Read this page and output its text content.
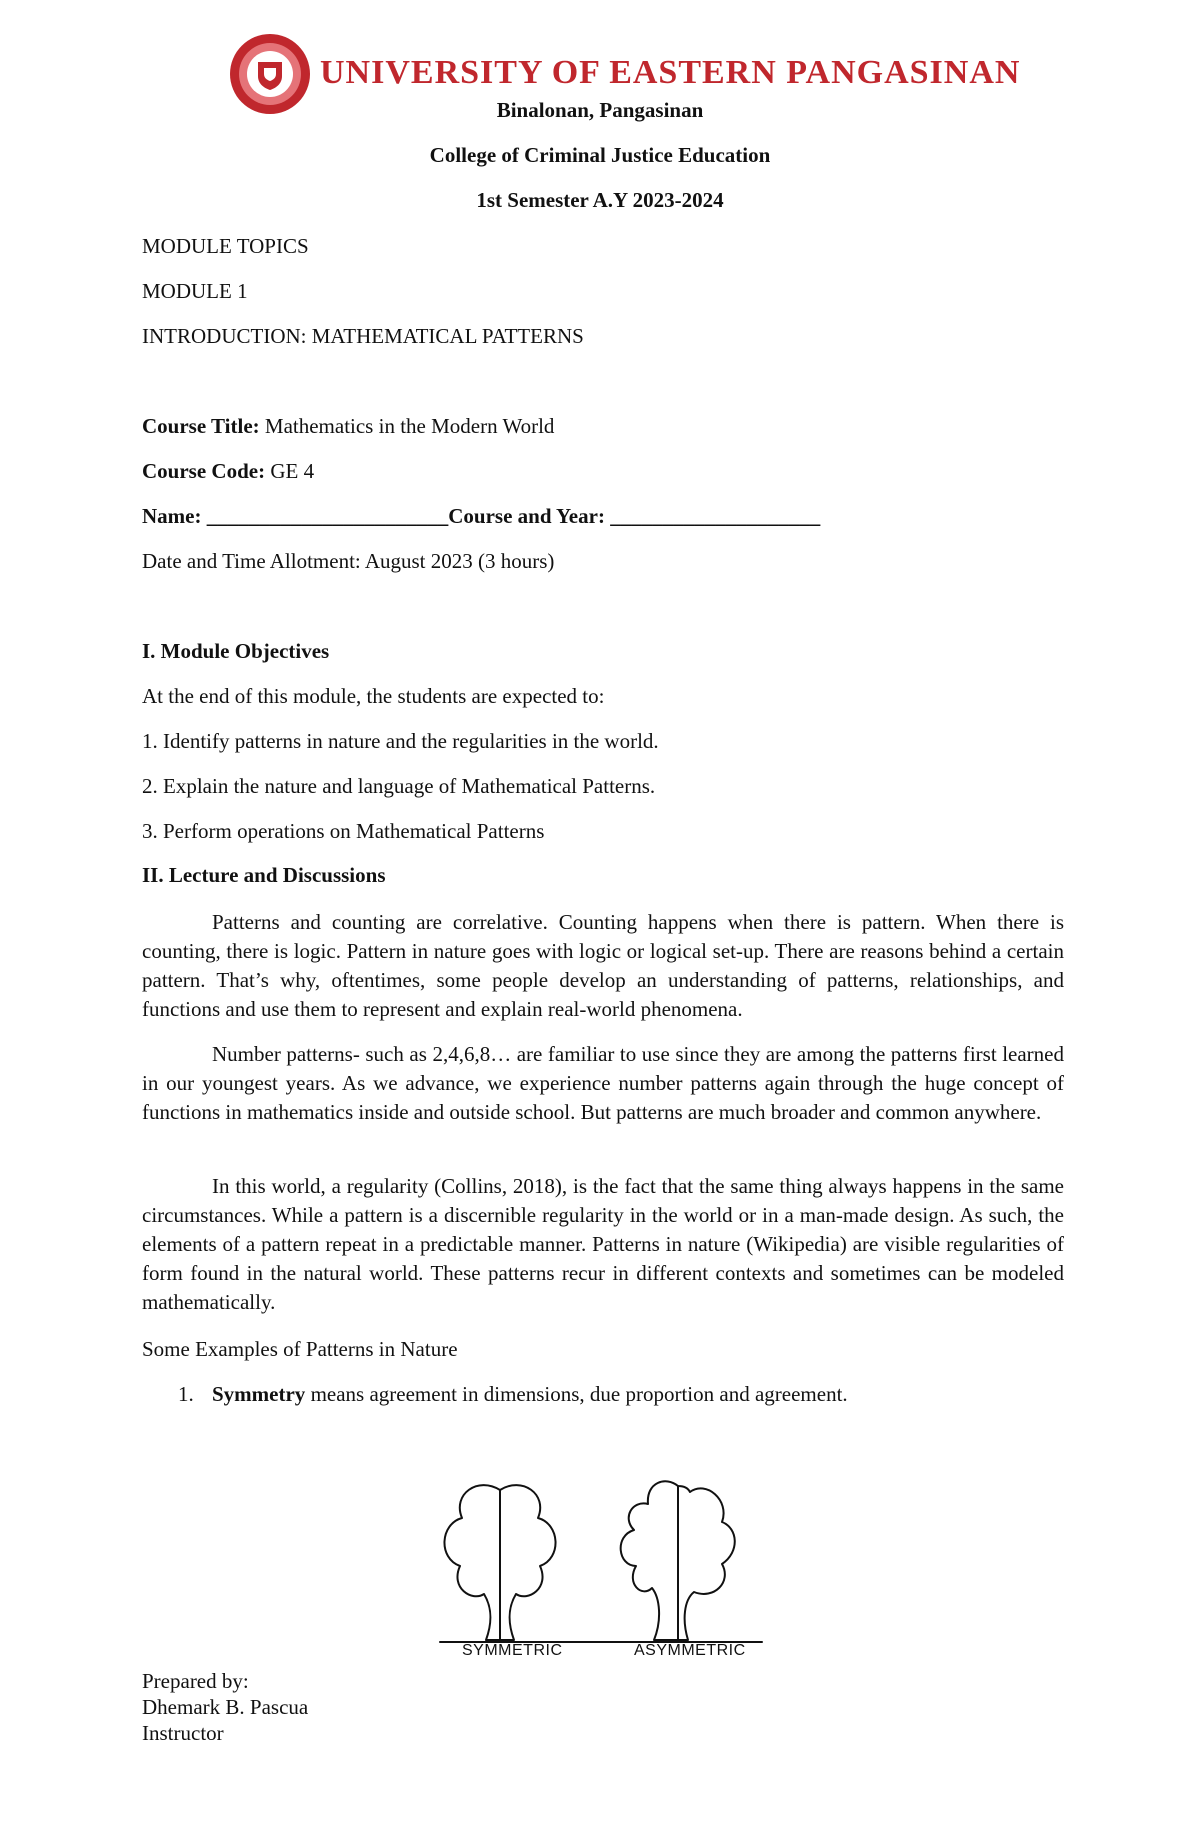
UNIVERSITY OF EASTERN PANGASINAN
Binalonan, Pangasinan
College of Criminal Justice Education
1st Semester A.Y 2023-2024
MODULE TOPICS
MODULE 1
INTRODUCTION: MATHEMATICAL PATTERNS
Course Title: Mathematics in the Modern World
Course Code: GE 4
Name: _______________________Course and Year: ____________________
Date and Time Allotment: August 2023 (3 hours)
I. Module Objectives
At the end of this module, the students are expected to:
1. Identify patterns in nature and the regularities in the world.
2. Explain the nature and language of Mathematical Patterns.
3. Perform operations on Mathematical Patterns
II. Lecture and Discussions
Patterns and counting are correlative. Counting happens when there is pattern. When there is counting, there is logic. Pattern in nature goes with logic or logical set-up. There are reasons behind a certain pattern. That’s why, oftentimes, some people develop an understanding of patterns, relationships, and functions and use them to represent and explain real-world phenomena.
Number patterns- such as 2,4,6,8… are familiar to use since they are among the patterns first learned in our youngest years. As we advance, we experience number patterns again through the huge concept of functions in mathematics inside and outside school. But patterns are much broader and common anywhere.
In this world, a regularity (Collins, 2018), is the fact that the same thing always happens in the same circumstances. While a pattern is a discernible regularity in the world or in a man-made design. As such, the elements of a pattern repeat in a predictable manner. Patterns in nature (Wikipedia) are visible regularities of form found in the natural world. These patterns recur in different contexts and sometimes can be modeled mathematically.
Some Examples of Patterns in Nature
1. Symmetry means agreement in dimensions, due proportion and agreement.
SYMMETRIC	ASYMMETRIC
Prepared by:
Dhemark B. Pascua
Instructor
